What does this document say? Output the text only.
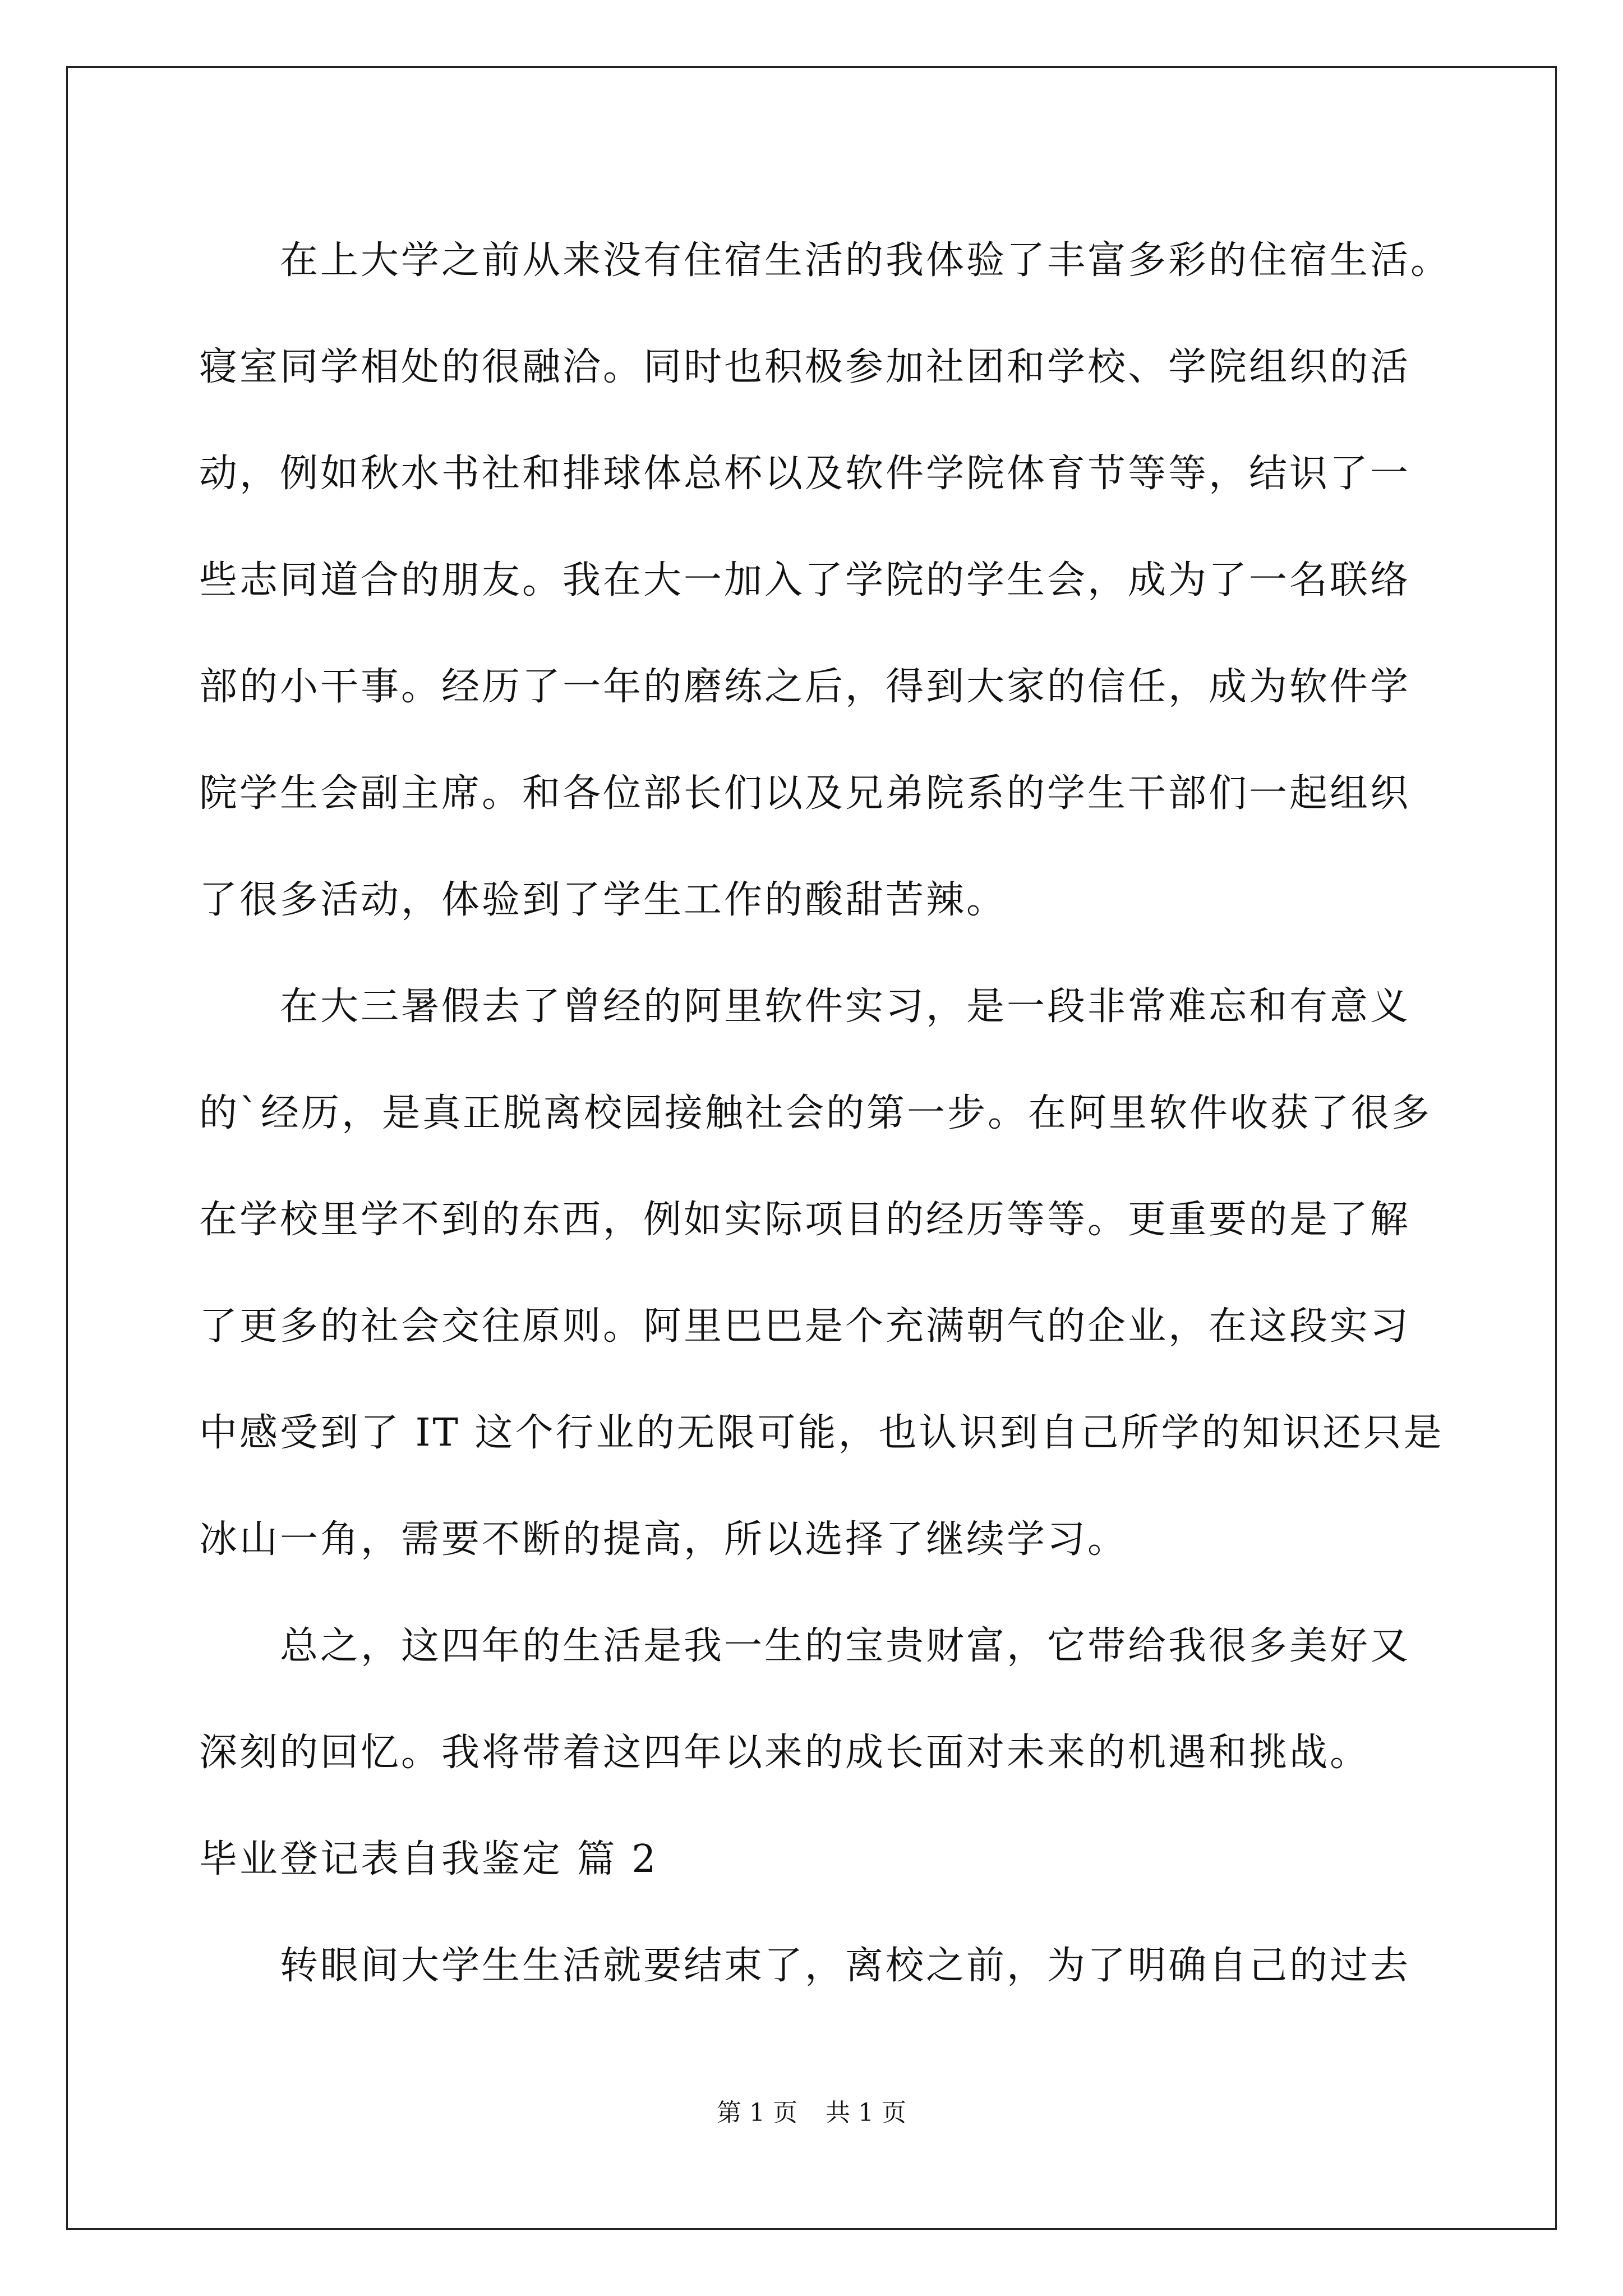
在上大学之前从来没有住宿生活的我体验了丰富多彩的住宿生活。
寝室同学相处的很融洽。同时也积极参加社团和学校、学院组织的活
动，例如秋水书社和排球体总杯以及软件学院体育节等等，结识了一
些志同道合的朋友。我在大一加入了学院的学生会，成为了一名联络
部的小干事。经历了一年的磨练之后，得到大家的信任，成为软件学
院学生会副主席。和各位部长们以及兄弟院系的学生干部们一起组织
了很多活动，体验到了学生工作的酸甜苦辣。
在大三暑假去了曾经的阿里软件实习，是一段非常难忘和有意义
的`经历，是真正脱离校园接触社会的第一步。在阿里软件收获了很多
在学校里学不到的东西，例如实际项目的经历等等。更重要的是了解
了更多的社会交往原则。阿里巴巴是个充满朝气的企业，在这段实习
中感受到了 IT 这个行业的无限可能，也认识到自己所学的知识还只是
冰山一角，需要不断的提高，所以选择了继续学习。
总之，这四年的生活是我一生的宝贵财富，它带给我很多美好又
深刻的回忆。我将带着这四年以来的成长面对未来的机遇和挑战。
毕业登记表自我鉴定 篇 2
转眼间大学生生活就要结束了，离校之前，为了明确自己的过去
第 1 页 共 1 页
